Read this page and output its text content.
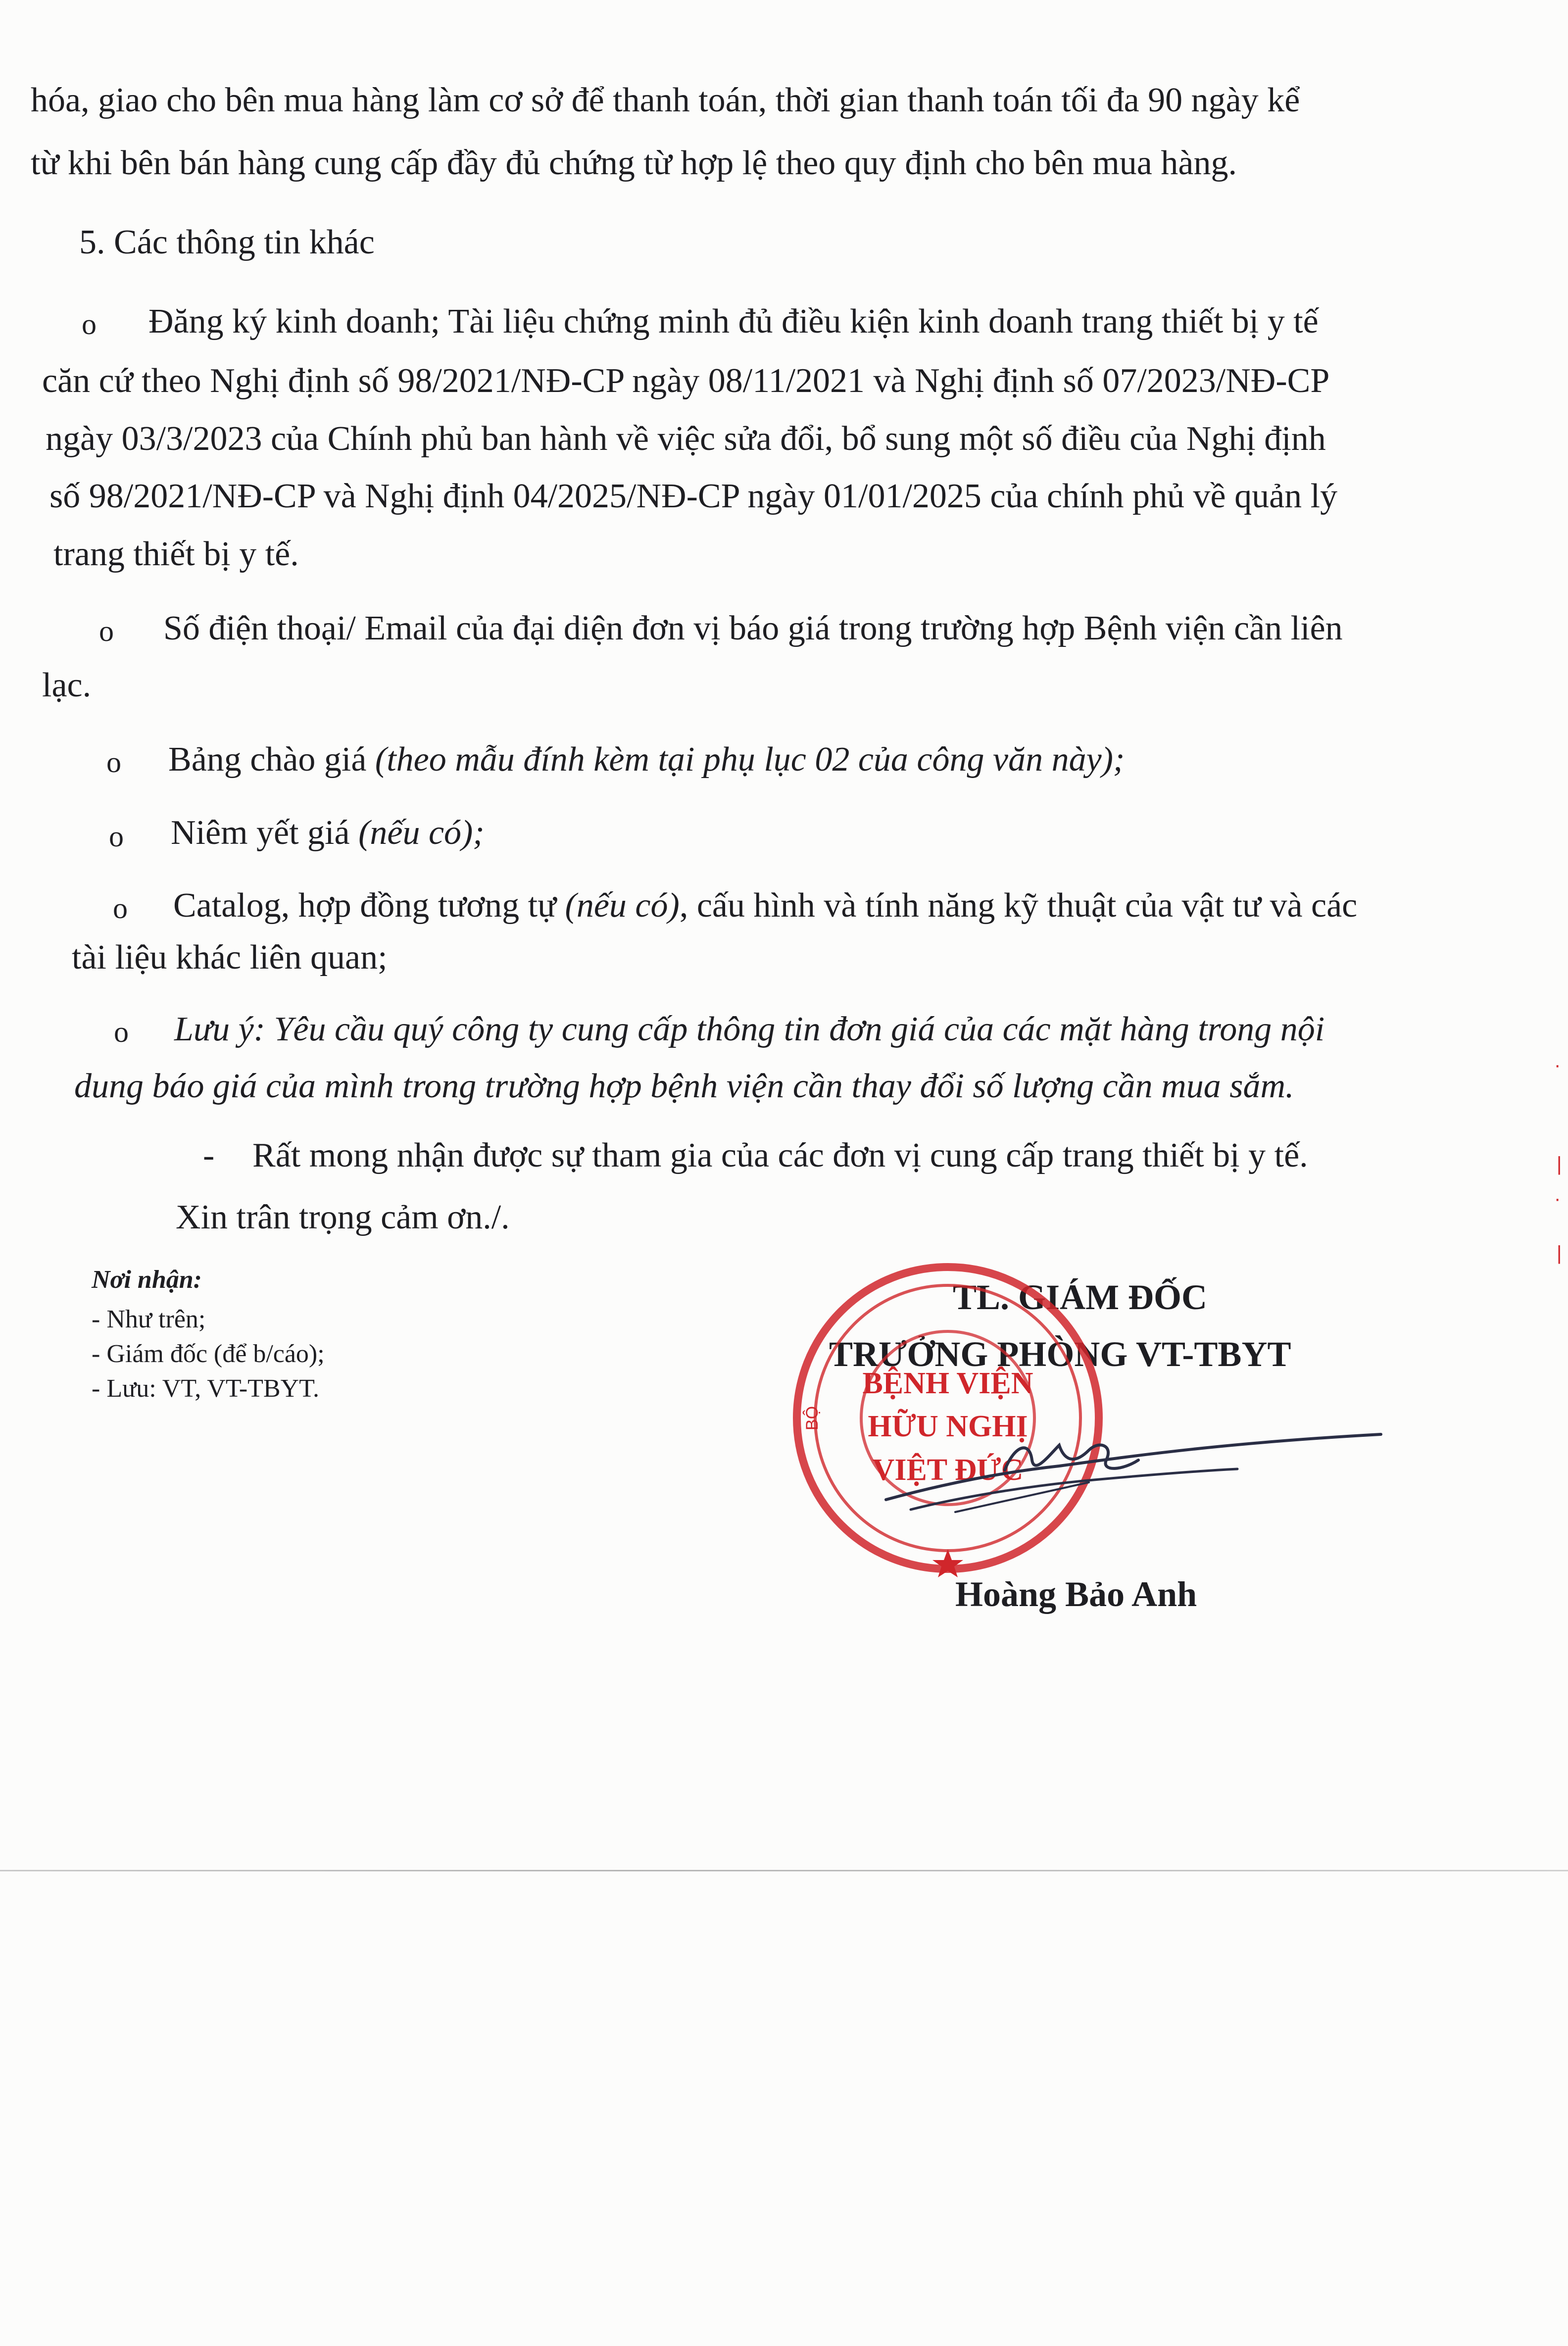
hóa, giao cho bên mua hàng làm cơ sở để thanh toán, thời gian thanh toán tối đa 90 ngày kể
từ khi bên bán hàng cung cấp đầy đủ chứng từ hợp lệ theo quy định cho bên mua hàng.
5. Các thông tin khác
o Đăng ký kinh doanh; Tài liệu chứng minh đủ điều kiện kinh doanh trang thiết bị y tế
căn cứ theo Nghị định số 98/2021/NĐ-CP ngày 08/11/2021 và Nghị định số 07/2023/NĐ-CP
ngày 03/3/2023 của Chính phủ ban hành về việc sửa đổi, bổ sung một số điều của Nghị định
số 98/2021/NĐ-CP và Nghị định 04/2025/NĐ-CP ngày 01/01/2025 của chính phủ về quản lý
trang thiết bị y tế.
o Số điện thoại/ Email của đại diện đơn vị báo giá trong trường hợp Bệnh viện cần liên
lạc.
o Bảng chào giá (theo mẫu đính kèm tại phụ lục 02 của công văn này);
o Niêm yết giá (nếu có);
o Catalog, hợp đồng tương tự (nếu có), cấu hình và tính năng kỹ thuật của vật tư và các
tài liệu khác liên quan;
o Lưu ý: Yêu cầu quý công ty cung cấp thông tin đơn giá của các mặt hàng trong nội
dung báo giá của mình trong trường hợp bệnh viện cần thay đổi số lượng cần mua sắm.
- Rất mong nhận được sự tham gia của các đơn vị cung cấp trang thiết bị y tế.
Xin trân trọng cảm ơn./.
Nơi nhận:
- Như trên;
- Giám đốc (để b/cáo);
- Lưu: VT, VT-TBYT.
TL. GIÁM ĐỐC
TRƯỞNG PHÒNG VT-TBYT
BỆNH VIỆN
HỮU NGHỊ
VIỆT ĐỨC
BỘ
Hoàng Bảo Anh
·
|
·
|
